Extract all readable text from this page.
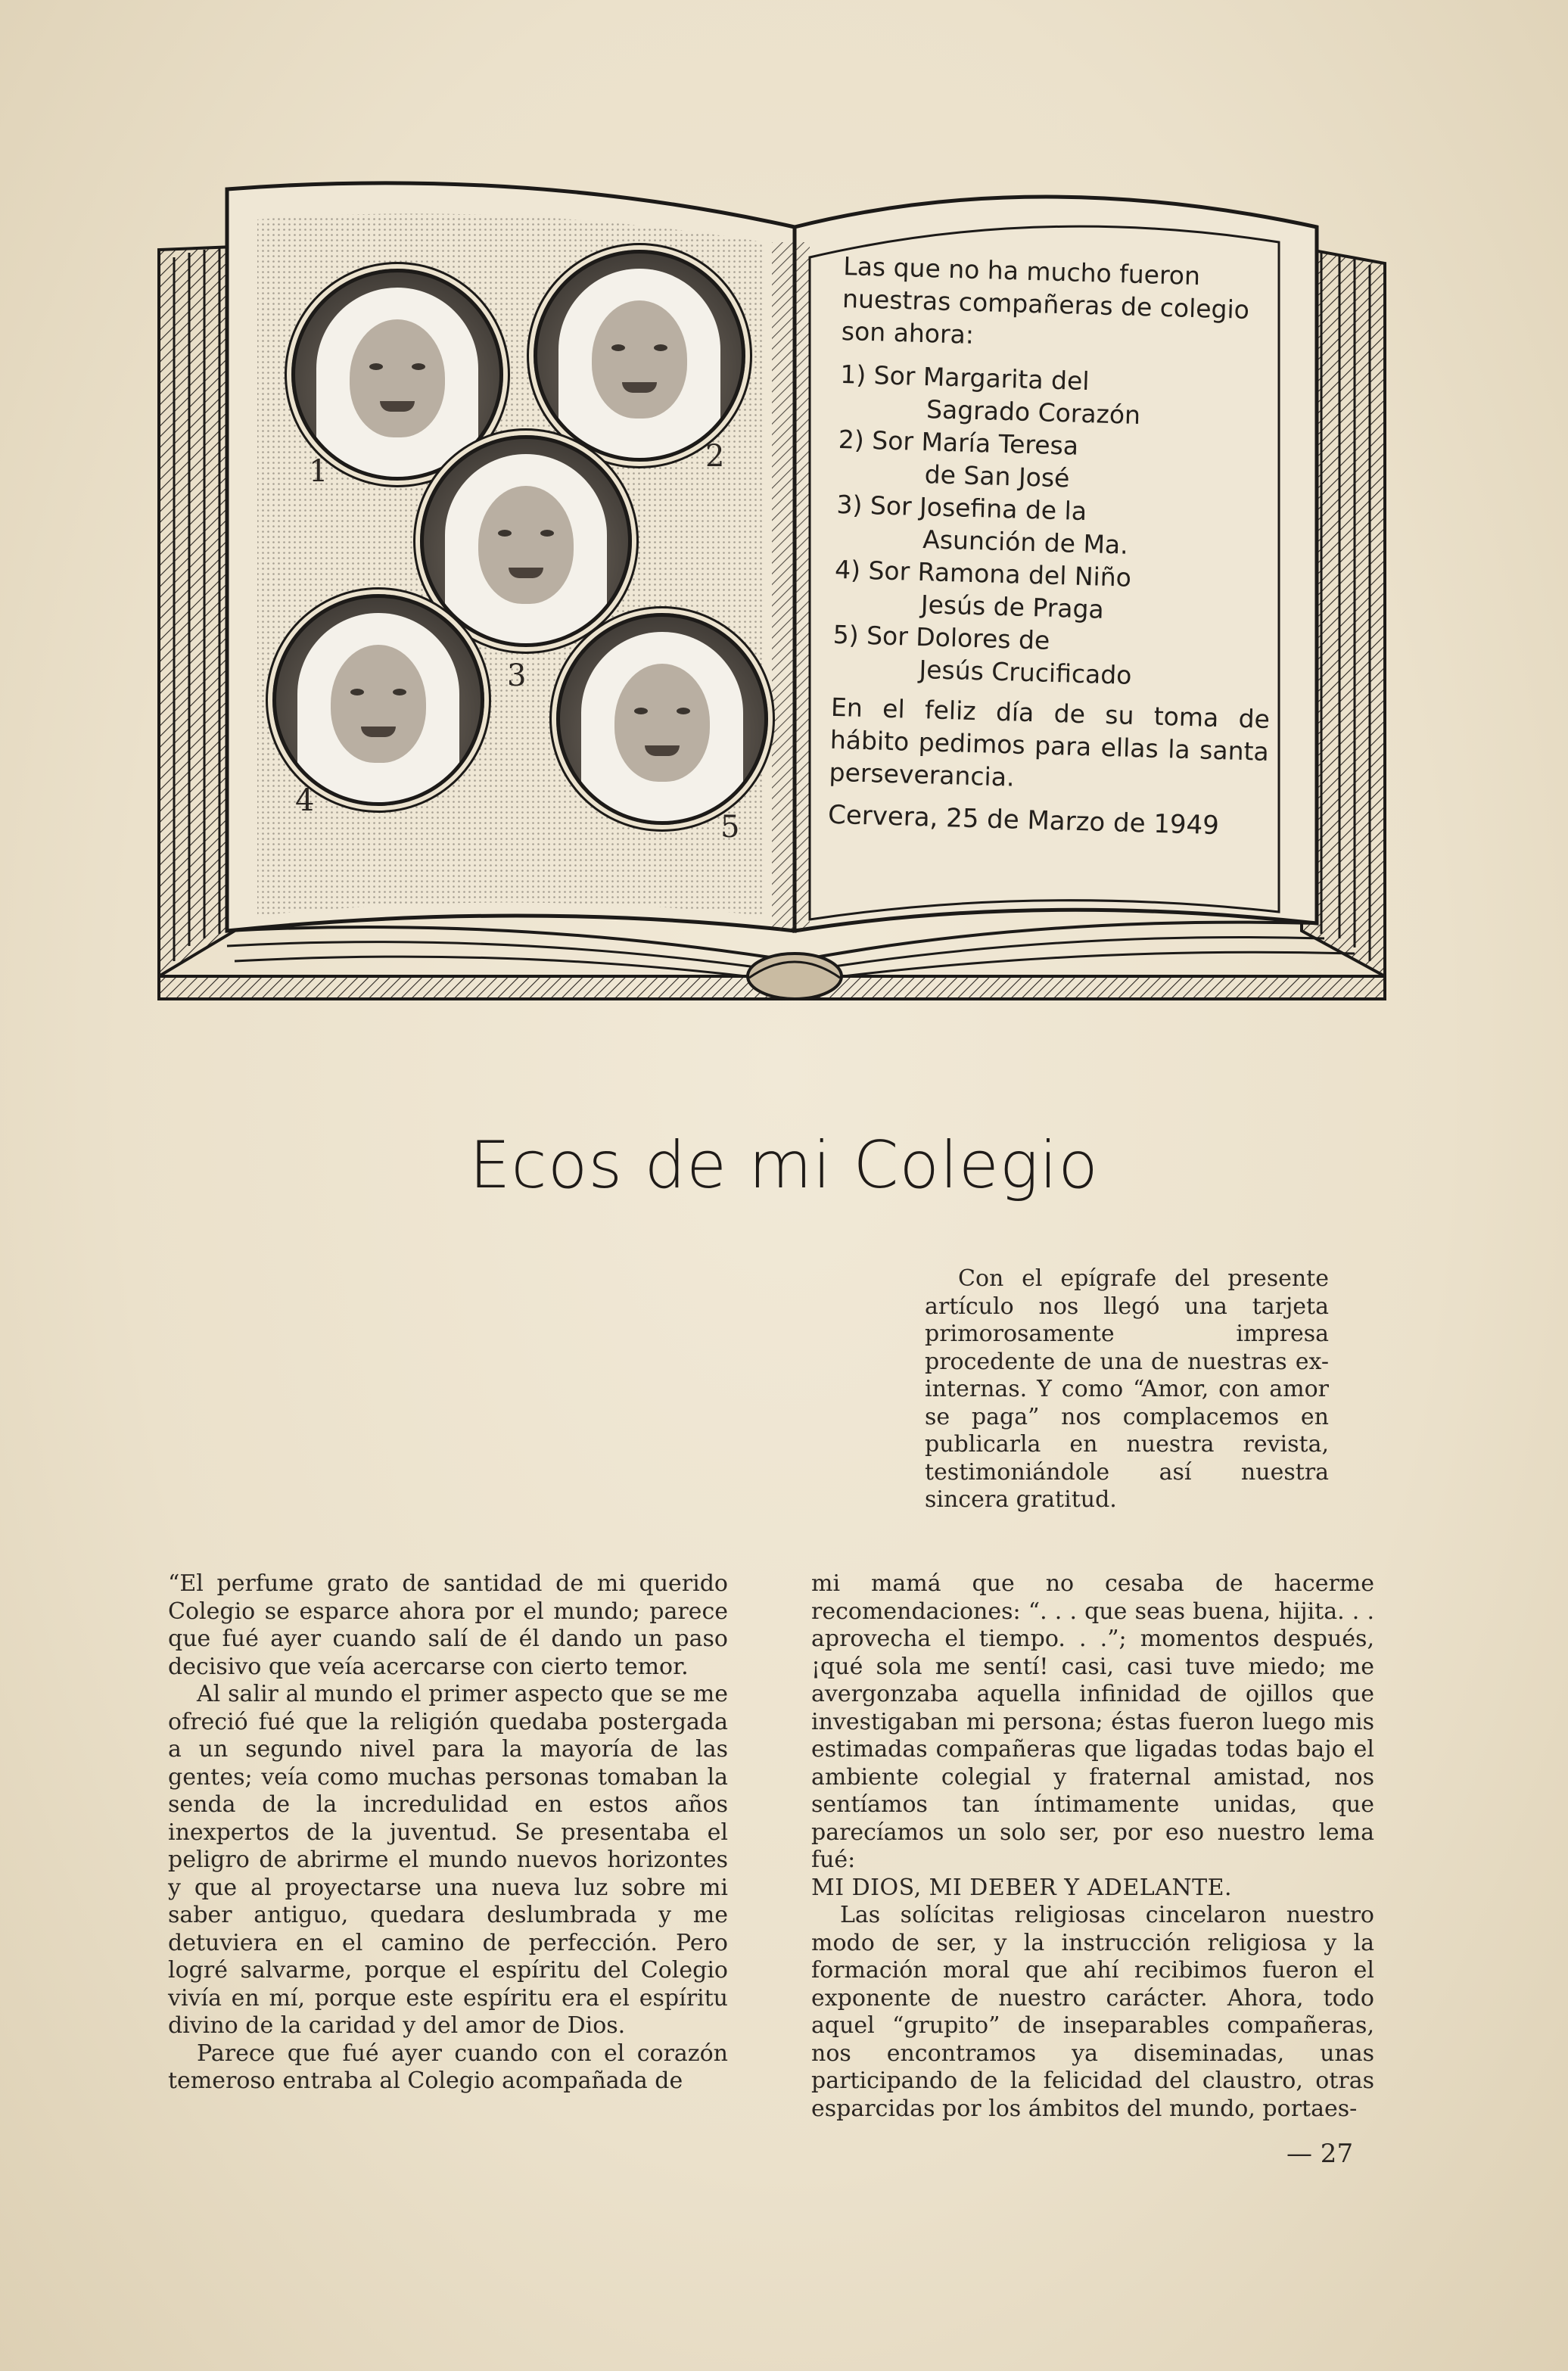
1	2
3
4
5

Las que no ha mucho fueron nuestras compañeras de colegio son ahora:

1) Sor Margarita del
Sagrado Corazón

2) Sor María Teresa
de San José

3) Sor Josefina de la
Asunción de Ma.

4) Sor Ramona del Niño
Jesús de Praga

5) Sor Dolores de
Jesús Crucificado

En el feliz día de su toma de hábito pedimos para ellas la santa perseverancia.

Cervera, 25 de Marzo de 1949

Ecos de mi Colegio

Con el epígrafe del presente artículo nos llegó una tarjeta primorosamente impresa procedente de una de nuestras ex-internas. Y como “Amor, con amor se paga” nos complacemos en publicarla en nuestra revista, testimoniándole así nuestra sincera gratitud.

“El perfume grato de santidad de mi querido Colegio se esparce ahora por el mundo; parece que fué ayer cuando salí de él dando un paso decisivo que veía acercarse con cierto temor.

Al salir al mundo el primer aspecto que se me ofreció fué que la religión quedaba postergada a un segundo nivel para la mayoría de las gentes; veía como muchas personas tomaban la senda de la incredulidad en estos años inexpertos de la juventud. Se presentaba el peligro de abrirme el mundo nuevos horizontes y que al proyectarse una nueva luz sobre mi saber antiguo, quedara deslumbrada y me detuviera en el camino de perfección. Pero logré salvarme, porque el espíritu del Colegio vivía en mí, porque este espíritu era el espíritu divino de la caridad y del amor de Dios.

Parece que fué ayer cuando con el corazón temeroso entraba al Colegio acompañada de

mi mamá que no cesaba de hacerme recomendaciones: “. . . que seas buena, hijita. . . aprovecha el tiempo. . .”; momentos después, ¡qué sola me sentí! casi, casi tuve miedo; me avergonzaba aquella infinidad de ojillos que investigaban mi persona; éstas fueron luego mis estimadas compañeras que ligadas todas bajo el ambiente colegial y fraternal amistad, nos sentíamos tan íntimamente unidas, que parecíamos un solo ser, por eso nuestro lema fué:

MI DIOS, MI DEBER Y ADELANTE.

Las solícitas religiosas cincelaron nuestro modo de ser, y la instrucción religiosa y la formación moral que ahí recibimos fueron el exponente de nuestro carácter. Ahora, todo aquel “grupito” de inseparables compañeras, nos encontramos ya diseminadas, unas participando de la felicidad del claustro, otras esparcidas por los ámbitos del mundo, portaes-

— 27
